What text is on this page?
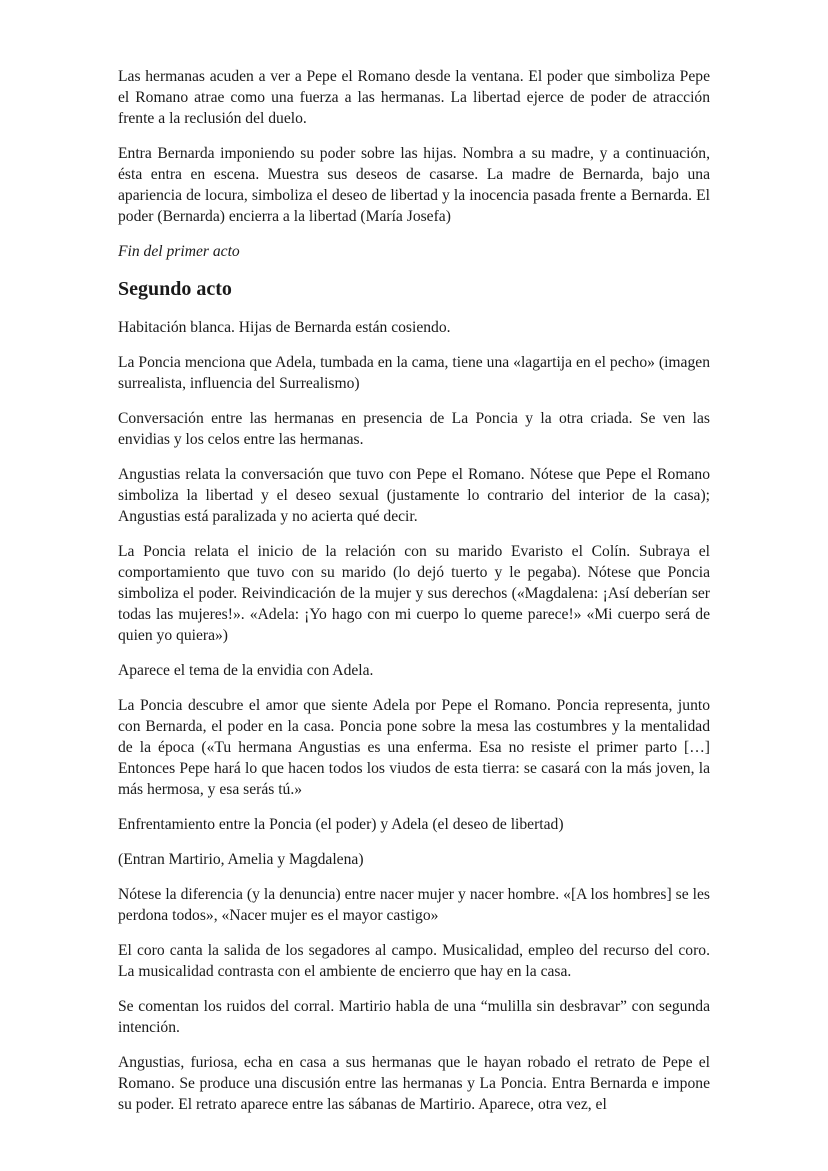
Las hermanas acuden a ver a Pepe el Romano desde la ventana. El poder que simboliza Pepe el Romano atrae como una fuerza a las hermanas. La libertad ejerce de poder de atracción frente a la reclusión del duelo.

Entra Bernarda imponiendo su poder sobre las hijas. Nombra a su madre, y a continuación, ésta entra en escena. Muestra sus deseos de casarse. La madre de Bernarda, bajo una apariencia de locura, simboliza el deseo de libertad y la inocencia pasada frente a Bernarda. El poder (Bernarda) encierra a la libertad (María Josefa)

Fin del primer acto

Segundo acto

Habitación blanca. Hijas de Bernarda están cosiendo.

La Poncia menciona que Adela, tumbada en la cama, tiene una «lagartija en el pecho» (imagen surrealista, influencia del Surrealismo)

Conversación entre las hermanas en presencia de La Poncia y la otra criada. Se ven las envidias y los celos entre las hermanas.

Angustias relata la conversación que tuvo con Pepe el Romano. Nótese que Pepe el Romano simboliza la libertad y el deseo sexual (justamente lo contrario del interior de la casa); Angustias está paralizada y no acierta qué decir.

La Poncia relata el inicio de la relación con su marido Evaristo el Colín. Subraya el comportamiento que tuvo con su marido (lo dejó tuerto y le pegaba). Nótese que Poncia simboliza el poder. Reivindicación de la mujer y sus derechos («Magdalena: ¡Así deberían ser todas las mujeres!». «Adela: ¡Yo hago con mi cuerpo lo queme parece!» «Mi cuerpo será de quien yo quiera»)

Aparece el tema de la envidia con Adela.

La Poncia descubre el amor que siente Adela por Pepe el Romano. Poncia representa, junto con Bernarda, el poder en la casa. Poncia pone sobre la mesa las costumbres y la mentalidad de la época («Tu hermana Angustias es una enferma. Esa no resiste el primer parto […] Entonces Pepe hará lo que hacen todos los viudos de esta tierra: se casará con la más joven, la más hermosa, y esa serás tú.»

Enfrentamiento entre la Poncia (el poder) y Adela (el deseo de libertad)

(Entran Martirio, Amelia y Magdalena)

Nótese la diferencia (y la denuncia) entre nacer mujer y nacer hombre. «[A los hombres] se les perdona todos», «Nacer mujer es el mayor castigo»

El coro canta la salida de los segadores al campo. Musicalidad, empleo del recurso del coro. La musicalidad contrasta con el ambiente de encierro que hay en la casa.

Se comentan los ruidos del corral. Martirio habla de una “mulilla sin desbravar” con segunda intención.

Angustias, furiosa, echa en casa a sus hermanas que le hayan robado el retrato de Pepe el Romano. Se produce una discusión entre las hermanas y La Poncia. Entra Bernarda e impone su poder. El retrato aparece entre las sábanas de Martirio. Aparece, otra vez, el
